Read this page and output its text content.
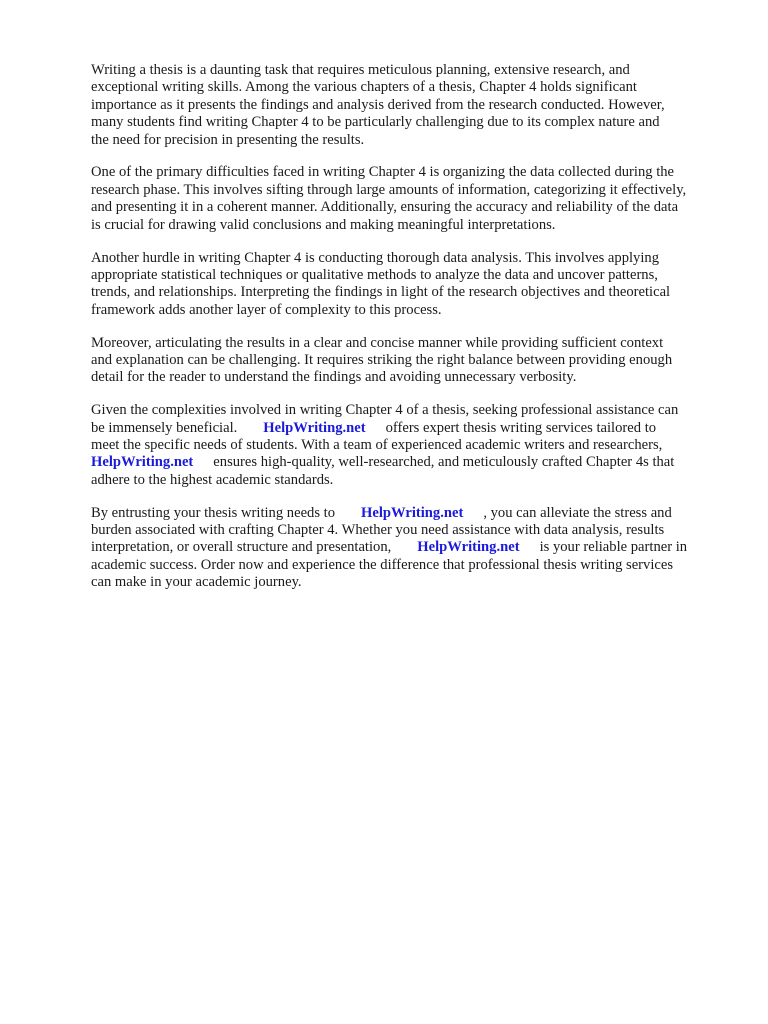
Writing a thesis is a daunting task that requires meticulous planning, extensive research, and
exceptional writing skills. Among the various chapters of a thesis, Chapter 4 holds significant
importance as it presents the findings and analysis derived from the research conducted. However,
many students find writing Chapter 4 to be particularly challenging due to its complex nature and
the need for precision in presenting the results.

One of the primary difficulties faced in writing Chapter 4 is organizing the data collected during the
research phase. This involves sifting through large amounts of information, categorizing it effectively,
and presenting it in a coherent manner. Additionally, ensuring the accuracy and reliability of the data
is crucial for drawing valid conclusions and making meaningful interpretations.

Another hurdle in writing Chapter 4 is conducting thorough data analysis. This involves applying
appropriate statistical techniques or qualitative methods to analyze the data and uncover patterns,
trends, and relationships. Interpreting the findings in light of the research objectives and theoretical
framework adds another layer of complexity to this process.

Moreover, articulating the results in a clear and concise manner while providing sufficient context
and explanation can be challenging. It requires striking the right balance between providing enough
detail for the reader to understand the findings and avoiding unnecessary verbosity.

Given the complexities involved in writing Chapter 4 of a thesis, seeking professional assistance can
be immensely beneficial. HelpWriting.net offers expert thesis writing services tailored to
meet the specific needs of students. With a team of experienced academic writers and researchers,
HelpWriting.net ensures high-quality, well-researched, and meticulously crafted Chapter 4s that
adhere to the highest academic standards.

By entrusting your thesis writing needs to HelpWriting.net , you can alleviate the stress and
burden associated with crafting Chapter 4. Whether you need assistance with data analysis, results
interpretation, or overall structure and presentation, HelpWriting.net is your reliable partner in
academic success. Order now and experience the difference that professional thesis writing services
can make in your academic journey.
